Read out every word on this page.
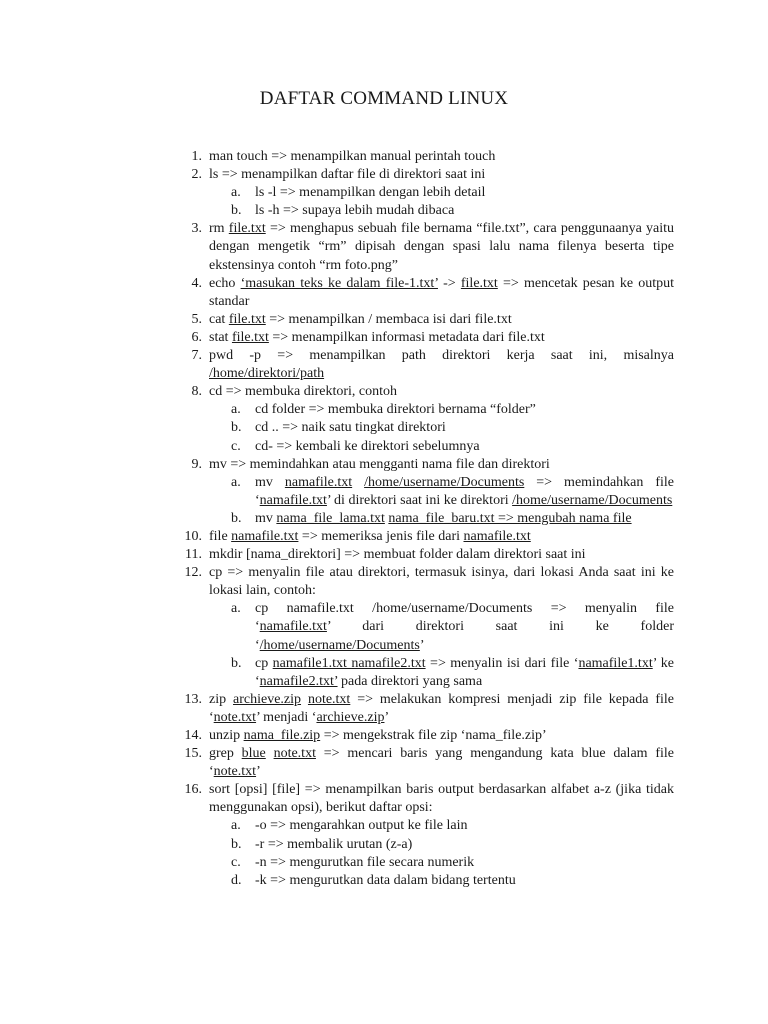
DAFTAR COMMAND LINUX
1. man touch => menampilkan manual perintah touch
2. ls => menampilkan daftar file di direktori saat ini
a. ls -l => menampilkan dengan lebih detail
b. ls -h => supaya lebih mudah dibaca
3. rm file.txt => menghapus sebuah file bernama “file.txt”, cara penggunaanya yaitu dengan mengetik “rm” dipisah dengan spasi lalu nama filenya beserta tipe ekstensinya contoh “rm foto.png”
4. echo ‘masukan teks ke dalam file-1.txt’ -> file.txt => mencetak pesan ke output standar
5. cat file.txt => menampilkan / membaca isi dari file.txt
6. stat file.txt => menampilkan informasi metadata dari file.txt
7. pwd -p => menampilkan path direktori kerja saat ini, misalnya /home/direktori/path
8. cd => membuka direktori, contoh
a. cd folder => membuka direktori bernama “folder”
b. cd .. => naik satu tingkat direktori
c. cd- => kembali ke direktori sebelumnya
9. mv => memindahkan atau mengganti nama file dan direktori
a. mv namafile.txt /home/username/Documents => memindahkan file ‘namafile.txt’ di direktori saat ini ke direktori /home/username/Documents
b. mv nama_file_lama.txt nama_file_baru.txt => mengubah nama file
10. file namafile.txt => memeriksa jenis file dari namafile.txt
11. mkdir [nama_direktori] => membuat folder dalam direktori saat ini
12. cp => menyalin file atau direktori, termasuk isinya, dari lokasi Anda saat ini ke lokasi lain, contoh:
a. cp namafile.txt /home/username/Documents => menyalin file ‘namafile.txt’ dari direktori saat ini ke folder ‘/home/username/Documents’
b. cp namafile1.txt namafile2.txt => menyalin isi dari file ‘namafile1.txt’ ke ‘namafile2.txt’ pada direktori yang sama
13. zip archieve.zip note.txt => melakukan kompresi menjadi zip file kepada file ‘note.txt’ menjadi ‘archieve.zip’
14. unzip nama_file.zip => mengekstrak file zip ‘nama_file.zip’
15. grep blue note.txt => mencari baris yang mengandung kata blue dalam file ‘note.txt’
16. sort [opsi] [file] => menampilkan baris output berdasarkan alfabet a-z (jika tidak menggunakan opsi), berikut daftar opsi:
a. -o => mengarahkan output ke file lain
b. -r => membalik urutan (z-a)
c. -n => mengurutkan file secara numerik
d. -k => mengurutkan data dalam bidang tertentu
